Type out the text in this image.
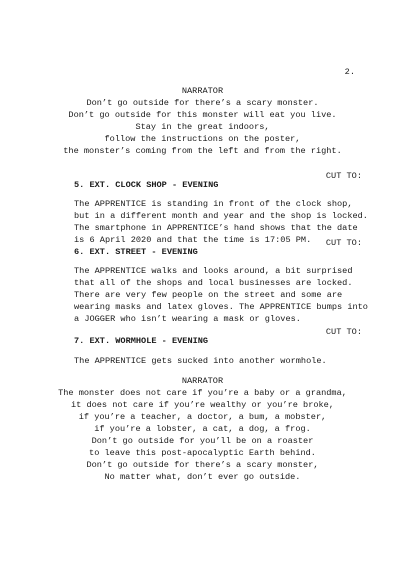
2.
NARRATOR
Don’t go outside for there’s a scary monster.
Don’t go outside for this monster will eat you live.
Stay in the great indoors,
follow the instructions on the poster,
the monster’s coming from the left and from the right.
CUT TO:
5. EXT. CLOCK SHOP - EVENING
The APPRENTICE is standing in front of the clock shop,
but in a different month and year and the shop is locked.
The smartphone in APPRENTICE’s hand shows that the date
is 6 April 2020 and that the time is 17:05 PM. CUT TO:
6. EXT. STREET - EVENING
The APPRENTICE walks and looks around, a bit surprised
that all of the shops and local businesses are locked.
There are very few people on the street and some are
wearing masks and latex gloves. The APPRENTICE bumps into
a JOGGER who isn’t wearing a mask or gloves.
CUT TO:
7. EXT. WORMHOLE - EVENING
The APPRENTICE gets sucked into another wormhole.
NARRATOR
The monster does not care if you’re a baby or a grandma,
it does not care if you’re wealthy or you’re broke,
if you’re a teacher, a doctor, a bum, a mobster,
if you’re a lobster, a cat, a dog, a frog.
Don’t go outside for you’ll be on a roaster
to leave this post-apocalyptic Earth behind.
Don’t go outside for there’s a scary monster,
No matter what, don’t ever go outside.
